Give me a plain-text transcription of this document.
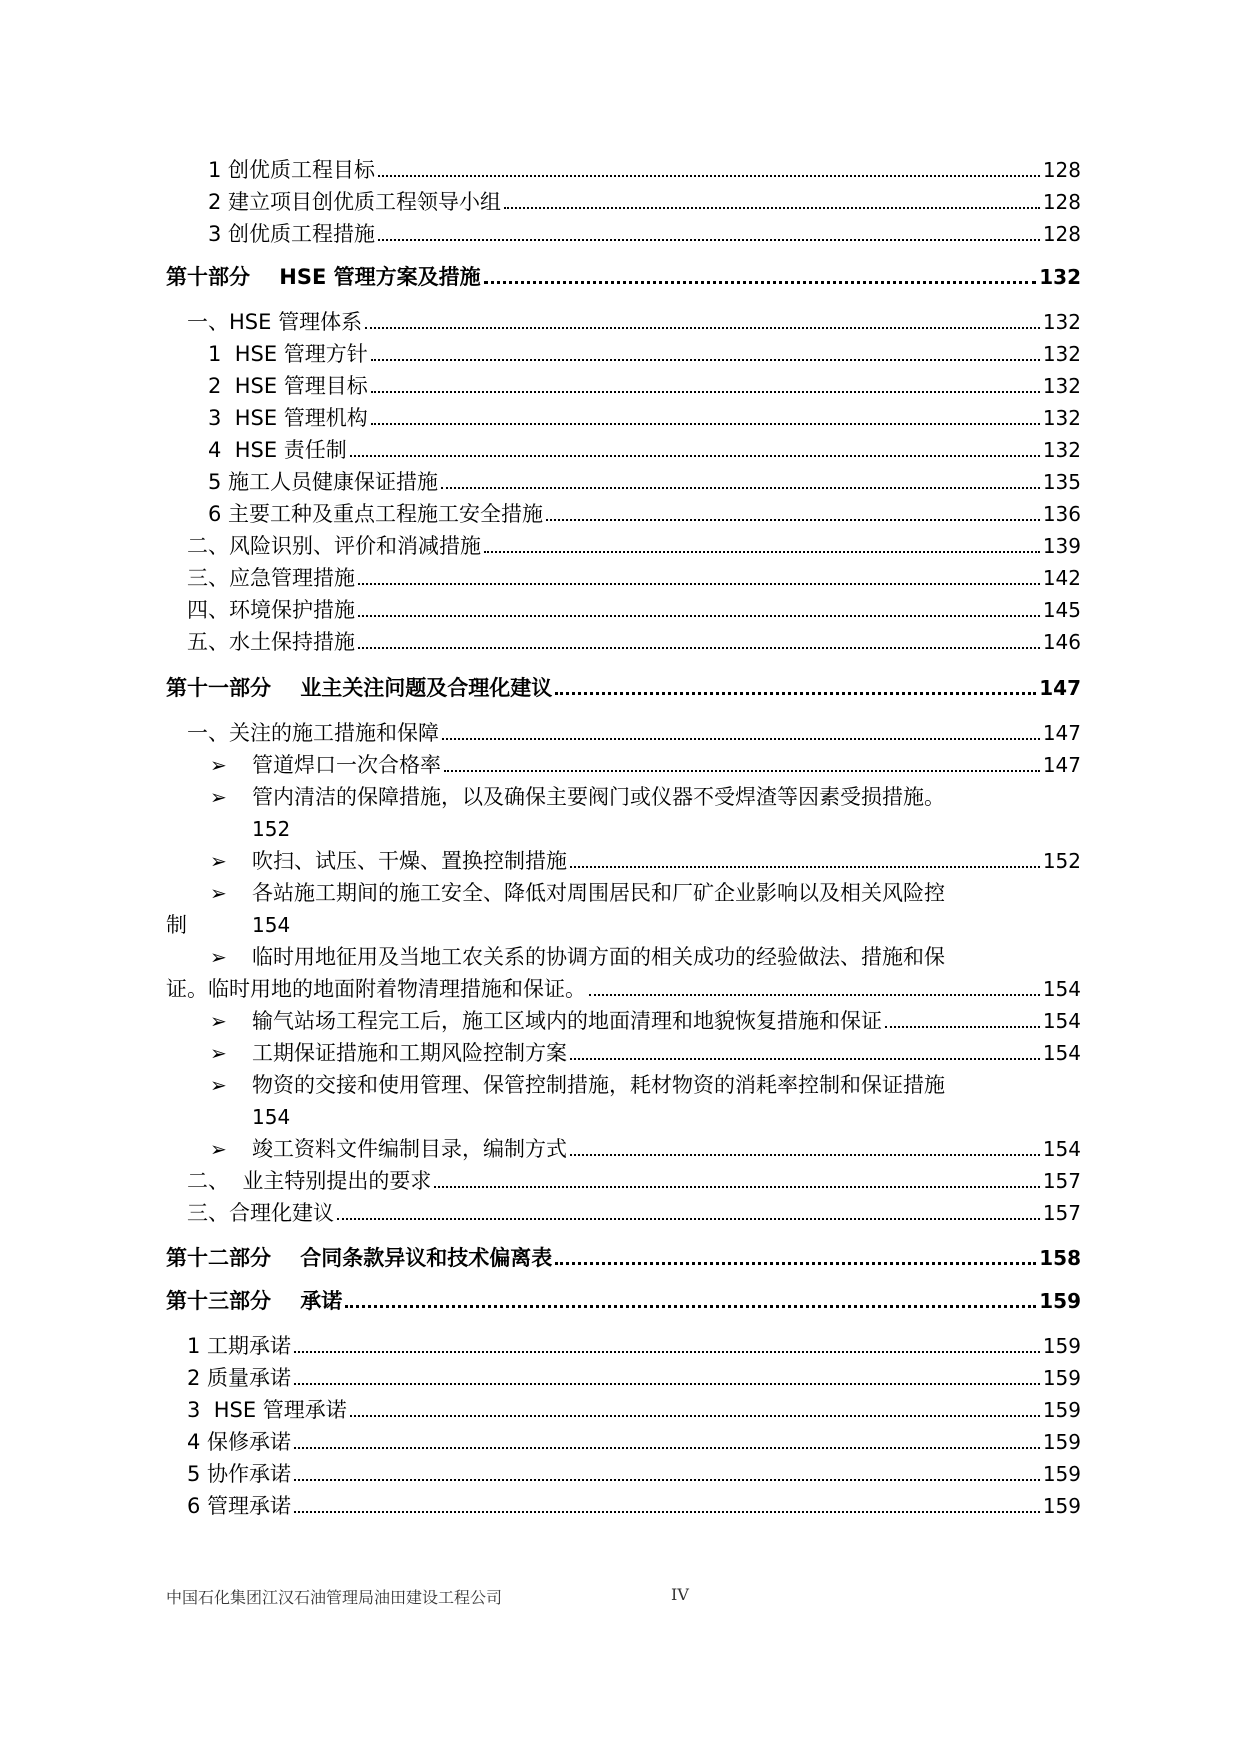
1 创优质工程目标	128
2 建立项目创优质工程领导小组	128
3 创优质工程措施	128
第十部分    HSE 管理方案及措施	132
一、HSE 管理体系	132
1  HSE 管理方针	132
2  HSE 管理目标	132
3  HSE 管理机构	132
4  HSE 责任制	132
5 施工人员健康保证措施	135
6 主要工种及重点工程施工安全措施	136
二、风险识别、评价和消减措施	139
三、应急管理措施	142
四、环境保护措施	145
五、水土保持措施	146
第十一部分    业主关注问题及合理化建议	147
一、关注的施工措施和保障	147
➢ 管道焊口一次合格率	147
➢ 管内清洁的保障措施，以及确保主要阀门或仪器不受焊渣等因素受损措施。
152
➢ 吹扫、试压、干燥、置换控制措施	152
➢ 各站施工期间的施工安全、降低对周围居民和厂矿企业影响以及相关风险控
制	154
➢ 临时用地征用及当地工农关系的协调方面的相关成功的经验做法、措施和保
证。临时用地的地面附着物清理措施和保证。	154
➢ 输气站场工程完工后，施工区域内的地面清理和地貌恢复措施和保证	154
➢ 工期保证措施和工期风险控制方案	154
➢ 物资的交接和使用管理、保管控制措施，耗材物资的消耗率控制和保证措施
154
➢ 竣工资料文件编制目录，编制方式	154
二、  业主特别提出的要求	157
三、合理化建议	157
第十二部分    合同条款异议和技术偏离表	158
第十三部分    承诺	159
1 工期承诺	159
2 质量承诺	159
3  HSE 管理承诺	159
4 保修承诺	159
5 协作承诺	159
6 管理承诺	159
中国石化集团江汉石油管理局油田建设工程公司	IV
